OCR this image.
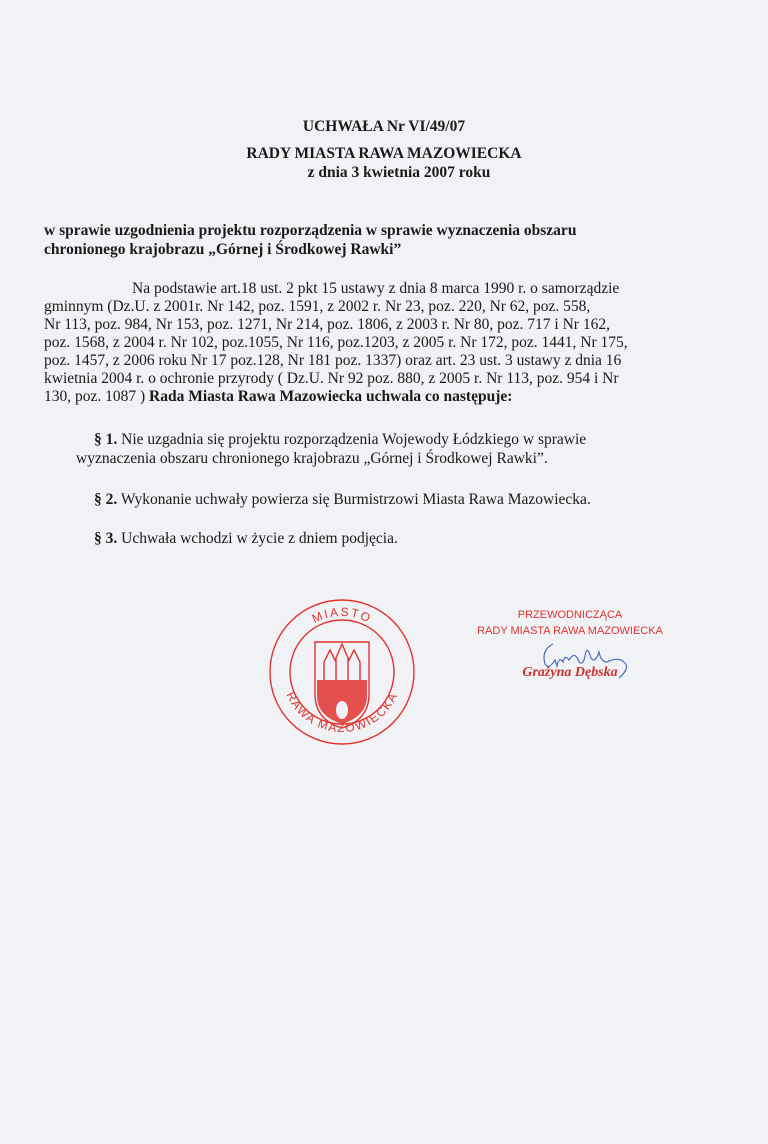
UCHWAŁA Nr VI/49/07
RADY MIASTA RAWA MAZOWIECKA
z dnia 3 kwietnia 2007 roku
w sprawie uzgodnienia projektu rozporządzenia w sprawie wyznaczenia obszaru
chronionego krajobrazu „Górnej i Środkowej Rawki”
Na podstawie art.18 ust. 2 pkt 15 ustawy z dnia 8 marca 1990 r. o samorządzie
gminnym (Dz.U. z 2001r. Nr 142, poz. 1591, z 2002 r. Nr 23, poz. 220, Nr 62, poz. 558,
Nr 113, poz. 984, Nr 153, poz. 1271, Nr 214, poz. 1806, z 2003 r. Nr 80, poz. 717 i Nr 162,
poz. 1568, z 2004 r. Nr 102, poz.1055, Nr 116, poz.1203, z 2005 r. Nr 172, poz. 1441, Nr 175,
poz. 1457, z 2006 roku Nr 17 poz.128, Nr 181 poz. 1337) oraz art. 23 ust. 3 ustawy z dnia 16
kwietnia 2004 r. o ochronie przyrody ( Dz.U. Nr 92 poz. 880, z 2005 r. Nr 113, poz. 954 i Nr
130, poz. 1087 ) Rada Miasta Rawa Mazowiecka uchwala co następuje:
§ 1. Nie uzgadnia się projektu rozporządzenia Wojewody Łódzkiego w sprawie
wyznaczenia obszaru chronionego krajobrazu „Górnej i Środkowej Rawki”.
§ 2. Wykonanie uchwały powierza się Burmistrzowi Miasta Rawa Mazowiecka.
§ 3. Uchwała wchodzi w życie z dniem podjęcia.
MIASTO
RAWA MAZOWIECKA
PRZEWODNICZĄCA
RADY MIASTA RAWA MAZOWIECKA
Grażyna Dębska
